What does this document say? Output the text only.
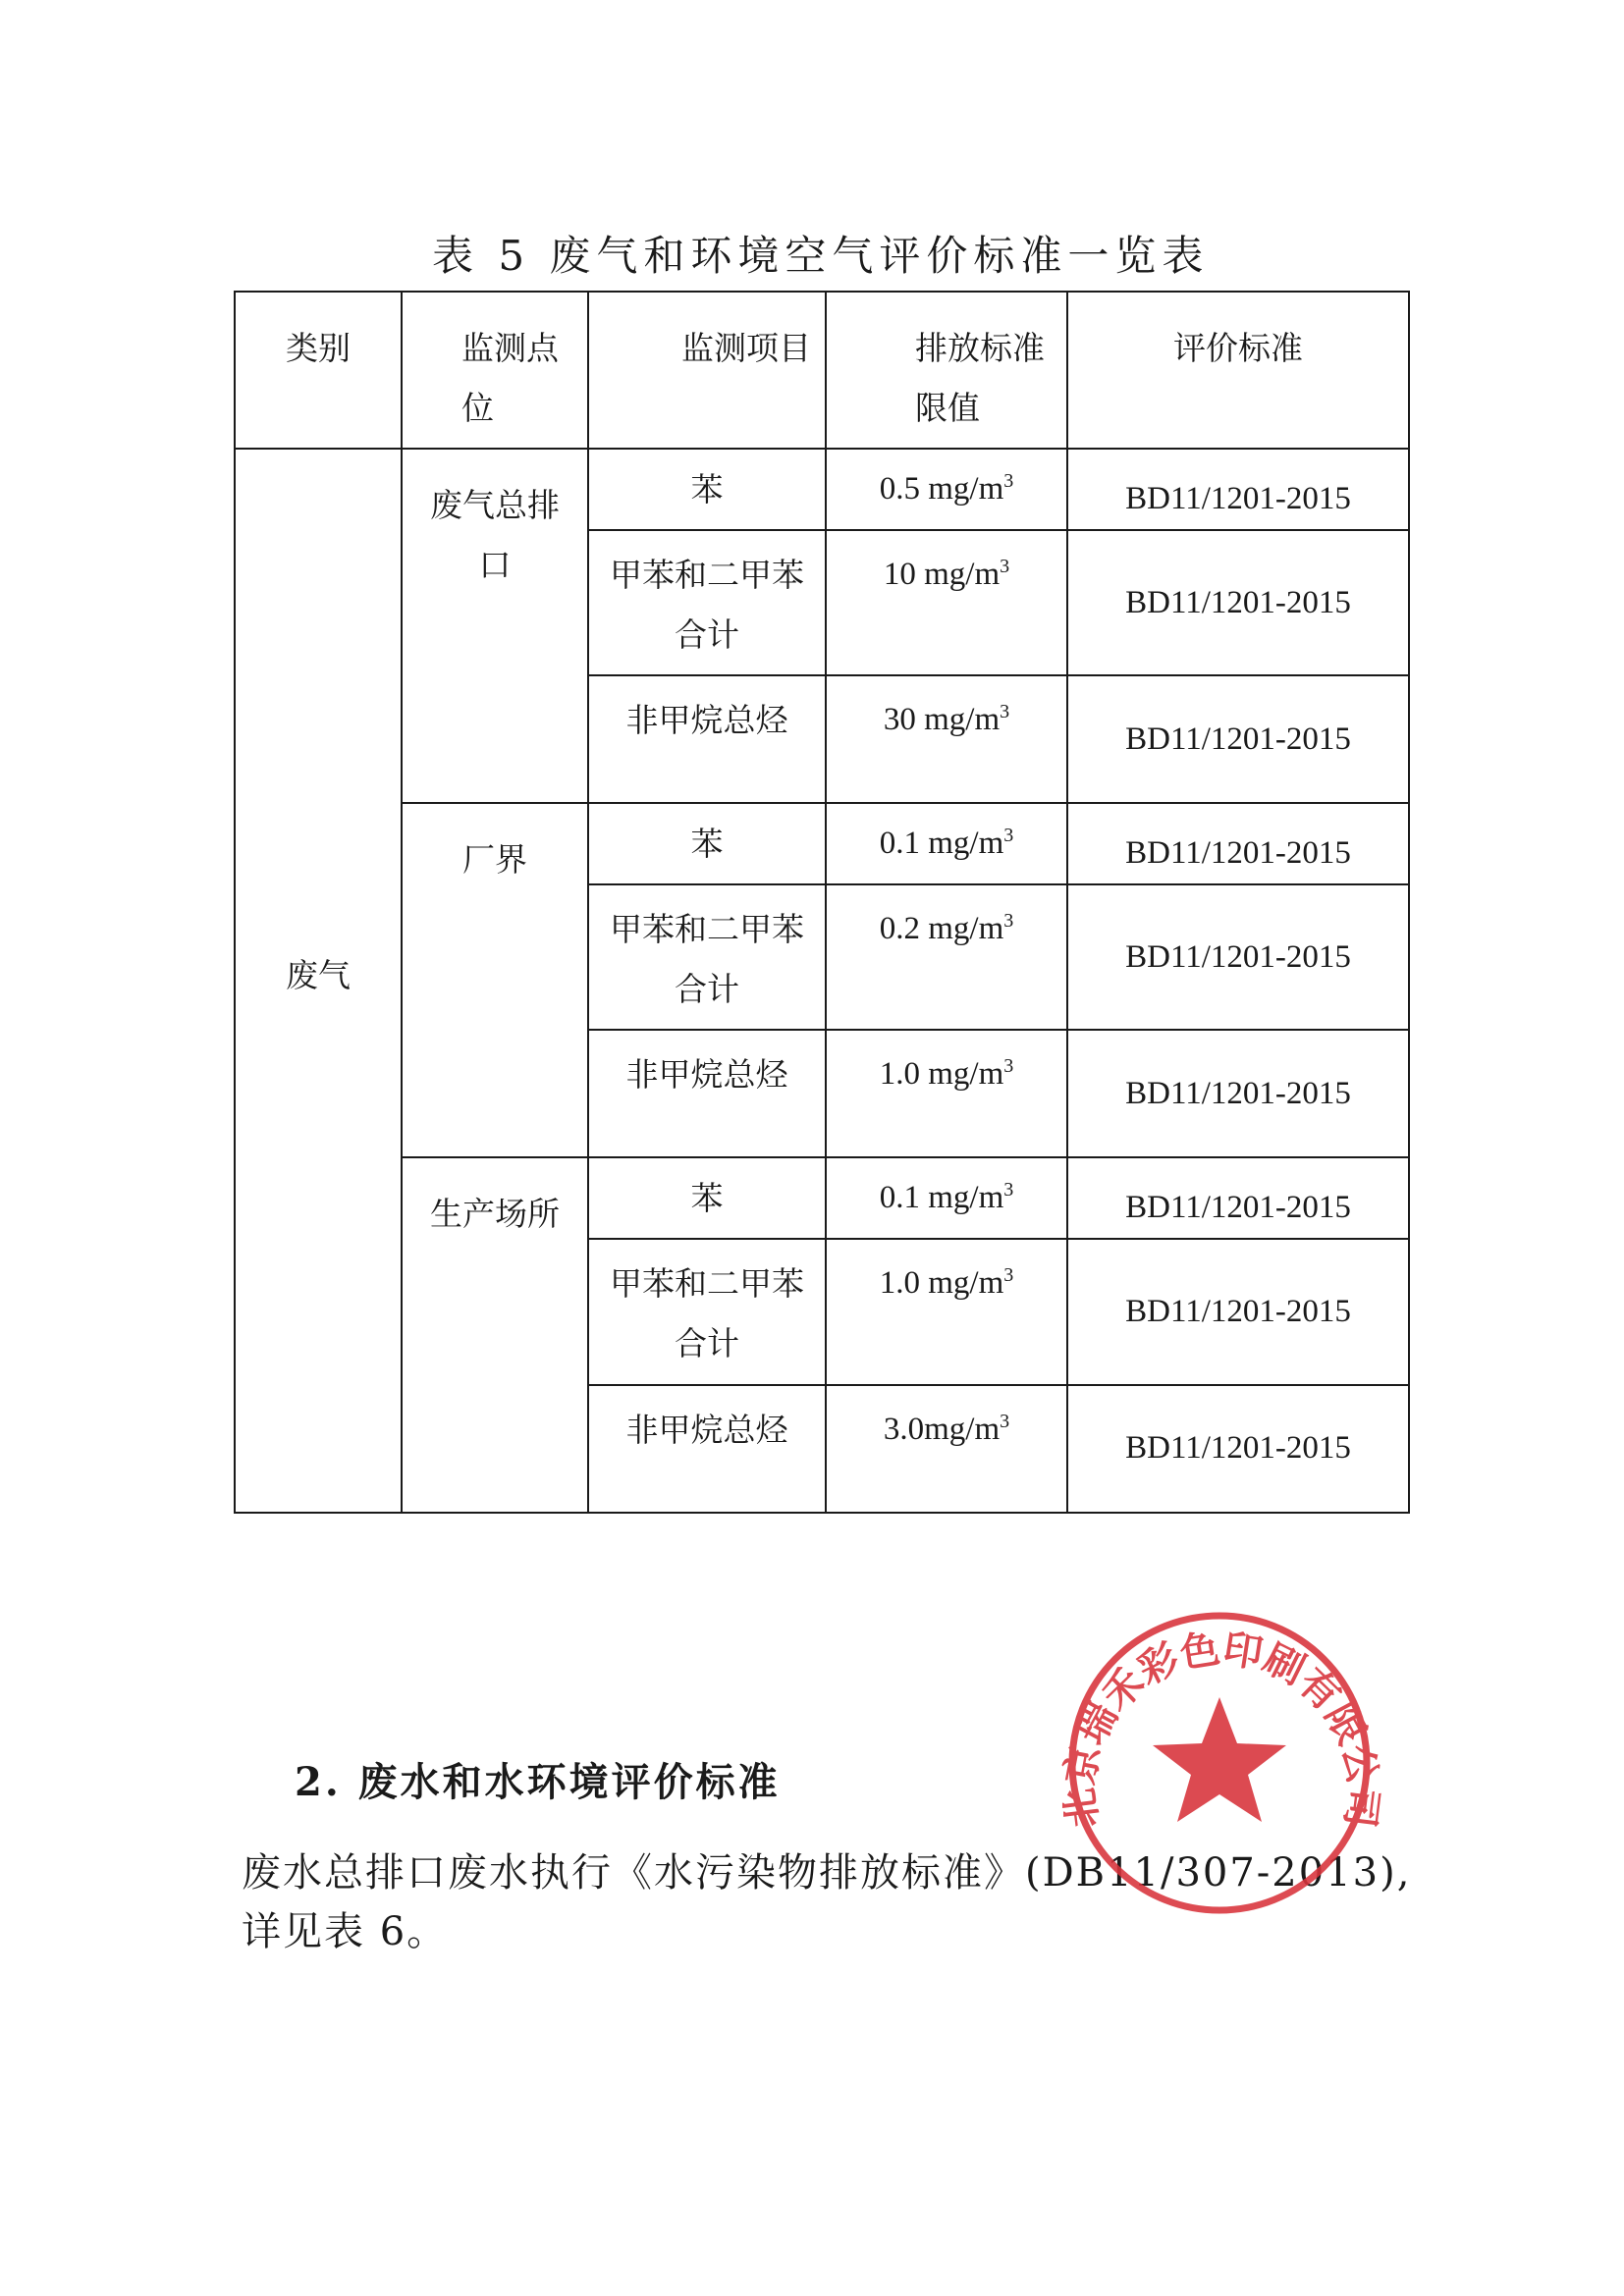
表 5 废气和环境空气评价标准一览表
类别	监测点位	监测项目	排放标准限值	评价标准
废气	废气总排口	苯	0.5 $mg/m^3$	BD11/1201-2015
		甲苯和二甲苯合计	10 $mg/m^3$	BD11/1201-2015
		非甲烷总烃	30 $mg/m^3$	BD11/1201-2015
	厂界	苯	0.1 $mg/m^3$	BD11/1201-2015
		甲苯和二甲苯合计	0.2 $mg/m^3$	BD11/1201-2015
		非甲烷总烃	1.0 $mg/m^3$	BD11/1201-2015
	生产场所	苯	0.1 $mg/m^3$	BD11/1201-2015
		甲苯和二甲苯合计	1.0 $mg/m^3$	BD11/1201-2015
		非甲烷总烃	$3.0mg/m^3$	BD11/1201-2015
2. 废水和水环境评价标准
废水总排口废水执行《水污染物排放标准》(DB11/307-2013), 详见表 6。
北京瑞禾彩色印刷有限公司
